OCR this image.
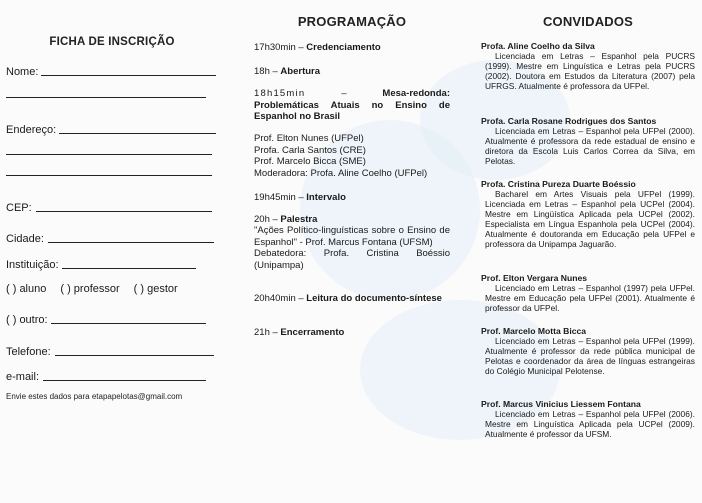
FICHA DE INSCRIÇÃO
Nome:
Endereço:
CEP:
Cidade:
Instituição:
( ) aluno ( ) professor ( ) gestor
( ) outro:
Telefone:
e-mail:
Envie estes dados para etapapelotas@gmail.com
PROGRAMAÇÃO
17h30min – Credenciamento
18h – Abertura
18h15min –	Mesa-redonda: Problemáticas Atuais no Ensino de Espanhol no Brasil

Prof. Elton Nunes (UFPel)

Profa. Carla Santos (CRE)

Prof. Marcelo Bicca (SME)

Moderadora: Profa. Aline Coelho (UFPel)

19h45min – Intervalo
20h – Palestra

"Ações Político-linguísticas sobre o Ensino de Espanhol" - Prof. Marcus Fontana (UFSM)

Debatedora: Profa. Cristina Boéssio (Unipampa)

20h40min – Leitura do documento-síntese
21h – Encerramento
CONVIDADOS
Profa. Aline Coelho da Silva

Licenciada em Letras – Espanhol pela PUCRS (1999). Mestre em Linguística e Letras pela PUCRS (2002). Doutora em Estudos da Literatura (2007) pela UFRGS. Atualmente é professora da UFPel.

Profa. Carla Rosane Rodrigues dos Santos

Licenciada em Letras – Espanhol pela UFPel (2000). Atualmente é professora da rede estadual de ensino e diretora da Escola Luis Carlos Correa da Silva, em Pelotas.

Profa. Cristina Pureza Duarte Boéssio

Bacharel em Artes Visuais pela UFPel (1999). Licenciada em Letras – Espanhol pela UCPel (2004). Mestre em Lingüística Aplicada pela UCPel (2002). Especialista em Língua Espanhola pela UCPel (2004). Atualmente é doutoranda em Educação pela UFPel e professora da Unipampa Jaguarão.

Prof. Elton Vergara Nunes

Licenciado em Letras – Espanhol (1997) pela UFPel. Mestre em Educação pela UFPel (2001). Atualmente é professor da UFPel.

Prof. Marcelo Motta Bicca

Licenciado em Letras – Espanhol pela UFPel (1999). Atualmente é professor da rede pública municipal de Pelotas e coordenador da área de línguas estrangeiras do Colégio Municipal Pelotense.

Prof. Marcus Vinicius Liessem Fontana

Licenciado em Letras – Espanhol pela UFPel (2006). Mestre em Linguística Aplicada pela UCPel (2009). Atualmente é professor da UFSM.
